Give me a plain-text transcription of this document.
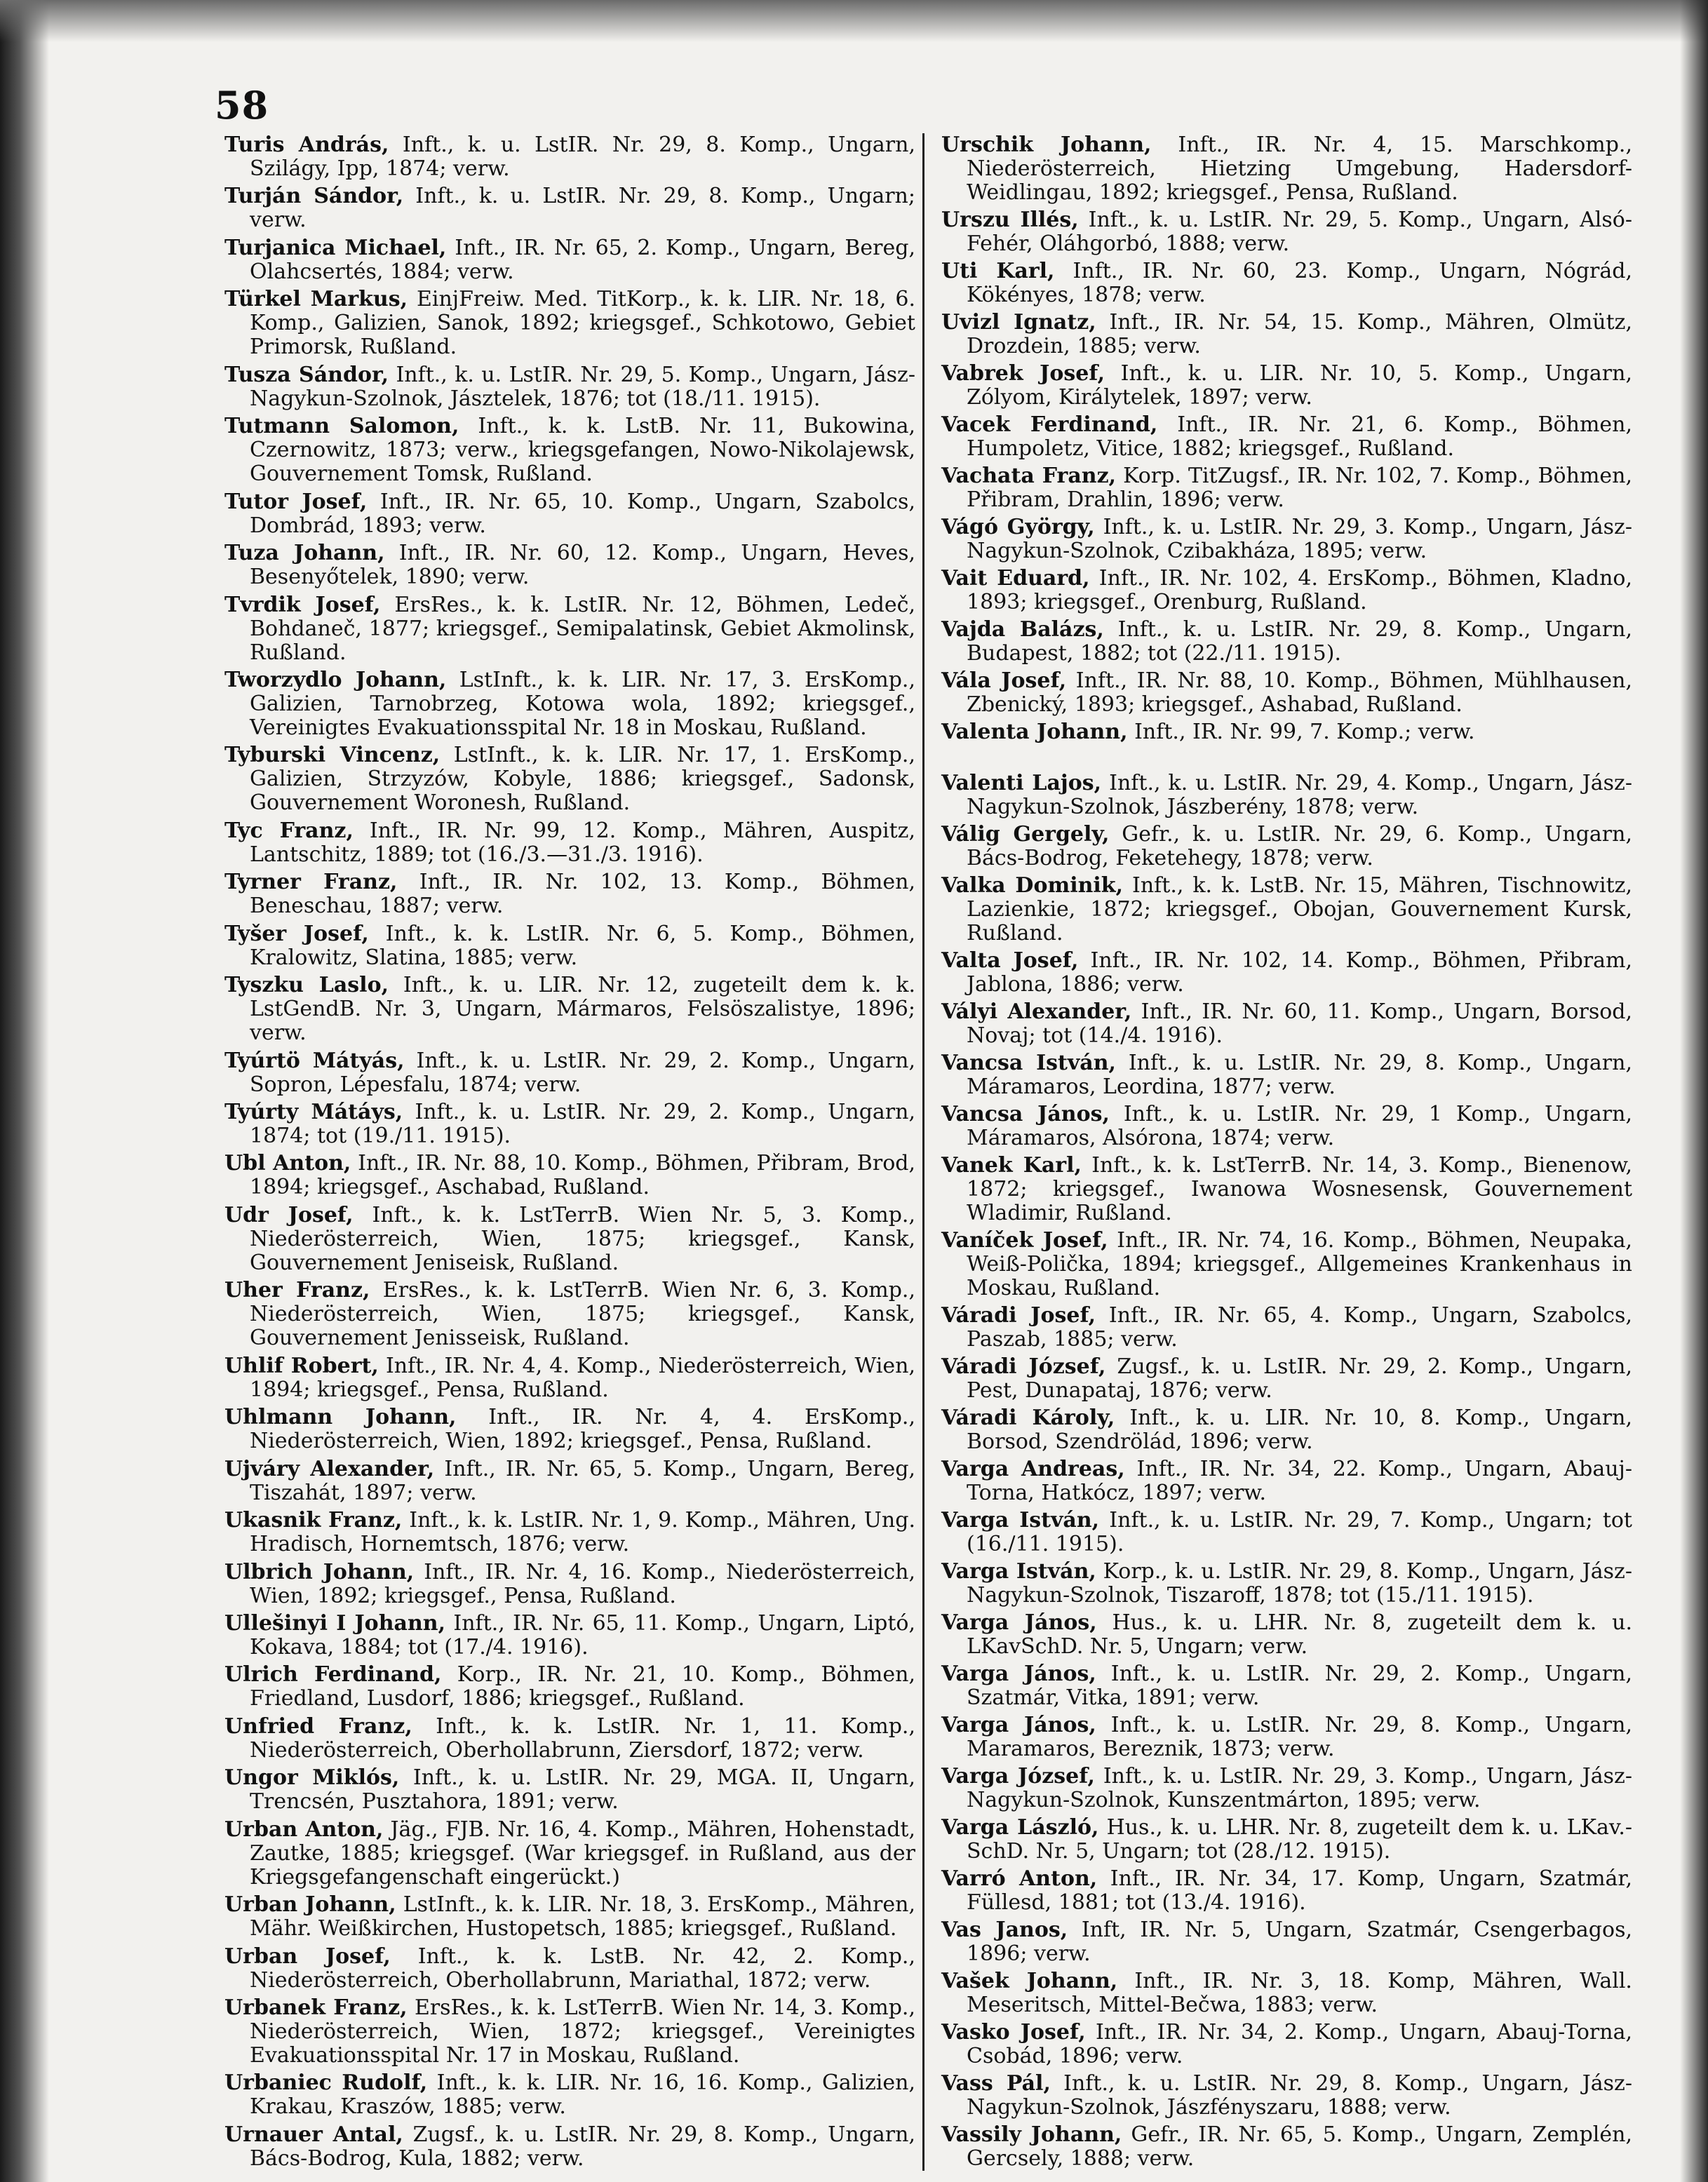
58
Turis András, Inft., k. u. LstIR. Nr. 29, 8. Komp., Ungarn, Szilágy, Ipp, 1874; verw.
Turján Sándor, Inft., k. u. LstIR. Nr. 29, 8. Komp., Ungarn; verw.
Turjanica Michael, Inft., IR. Nr. 65, 2. Komp., Ungarn, Bereg, Olahcsertés, 1884; verw.
Türkel Markus, EinjFreiw. Med. TitKorp., k. k. LIR. Nr. 18, 6. Komp., Galizien, Sanok, 1892; kriegsgef., Schkotowo, Gebiet Primorsk, Rußland.
Tusza Sándor, Inft., k. u. LstIR. Nr. 29, 5. Komp., Ungarn, Jász-Nagykun-Szolnok, Jásztelek, 1876; tot (18./11. 1915).
Tutmann Salomon, Inft., k. k. LstB. Nr. 11, Bukowina, Czernowitz, 1873; verw., kriegsgefangen, Nowo-Nikolajewsk, Gouvernement Tomsk, Rußland.
Tutor Josef, Inft., IR. Nr. 65, 10. Komp., Ungarn, Szabolcs, Dombrád, 1893; verw.
Tuza Johann, Inft., IR. Nr. 60, 12. Komp., Ungarn, Heves, Besenyőtelek, 1890; verw.
Tvrdik Josef, ErsRes., k. k. LstIR. Nr. 12, Böhmen, Ledeč, Bohdaneč, 1877; kriegsgef., Semipalatinsk, Gebiet Akmolinsk, Rußland.
Tworzydlo Johann, LstInft., k. k. LIR. Nr. 17, 3. ErsKomp., Galizien, Tarnobrzeg, Kotowa wola, 1892; kriegsgef., Vereinigtes Evakuationsspital Nr. 18 in Moskau, Rußland.
Tyburski Vincenz, LstInft., k. k. LIR. Nr. 17, 1. ErsKomp., Galizien, Strzyzów, Kobyle, 1886; kriegsgef., Sadonsk, Gouvernement Woronesh, Rußland.
Tyc Franz, Inft., IR. Nr. 99, 12. Komp., Mähren, Auspitz, Lantschitz, 1889; tot (16./3.—31./3. 1916).
Tyrner Franz, Inft., IR. Nr. 102, 13. Komp., Böhmen, Beneschau, 1887; verw.
Tyšer Josef, Inft., k. k. LstIR. Nr. 6, 5. Komp., Böhmen, Kralowitz, Slatina, 1885; verw.
Tyszku Laslo, Inft., k. u. LIR. Nr. 12, zugeteilt dem k. k. LstGendB. Nr. 3, Ungarn, Mármaros, Felsöszalistye, 1896; verw.
Tyúrtö Mátyás, Inft., k. u. LstIR. Nr. 29, 2. Komp., Ungarn, Sopron, Lépesfalu, 1874; verw.
Tyúrty Mátáys, Inft., k. u. LstIR. Nr. 29, 2. Komp., Ungarn, 1874; tot (19./11. 1915).
Ubl Anton, Inft., IR. Nr. 88, 10. Komp., Böhmen, Přibram, Brod, 1894; kriegsgef., Aschabad, Rußland.
Udr Josef, Inft., k. k. LstTerrB. Wien Nr. 5, 3. Komp., Niederösterreich, Wien, 1875; kriegsgef., Kansk, Gouvernement Jeniseisk, Rußland.
Uher Franz, ErsRes., k. k. LstTerrB. Wien Nr. 6, 3. Komp., Niederösterreich, Wien, 1875; kriegsgef., Kansk, Gouvernement Jenisseisk, Rußland.
Uhlif Robert, Inft., IR. Nr. 4, 4. Komp., Niederösterreich, Wien, 1894; kriegsgef., Pensa, Rußland.
Uhlmann Johann, Inft., IR. Nr. 4, 4. ErsKomp., Niederösterreich, Wien, 1892; kriegsgef., Pensa, Rußland.
Ujváry Alexander, Inft., IR. Nr. 65, 5. Komp., Ungarn, Bereg, Tiszahát, 1897; verw.
Ukasnik Franz, Inft., k. k. LstIR. Nr. 1, 9. Komp., Mähren, Ung. Hradisch, Hornemtsch, 1876; verw.
Ulbrich Johann, Inft., IR. Nr. 4, 16. Komp., Niederösterreich, Wien, 1892; kriegsgef., Pensa, Rußland.
Ullešinyi I Johann, Inft., IR. Nr. 65, 11. Komp., Ungarn, Liptó, Kokava, 1884; tot (17./4. 1916).
Ulrich Ferdinand, Korp., IR. Nr. 21, 10. Komp., Böhmen, Friedland, Lusdorf, 1886; kriegsgef., Rußland.
Unfried Franz, Inft., k. k. LstIR. Nr. 1, 11. Komp., Niederösterreich, Oberhollabrunn, Ziersdorf, 1872; verw.
Ungor Miklós, Inft., k. u. LstIR. Nr. 29, MGA. II, Ungarn, Trencsén, Pusztahora, 1891; verw.
Urban Anton, Jäg., FJB. Nr. 16, 4. Komp., Mähren, Hohenstadt, Zautke, 1885; kriegsgef. (War kriegsgef. in Rußland, aus der Kriegsgefangenschaft eingerückt.)
Urban Johann, LstInft., k. k. LIR. Nr. 18, 3. ErsKomp., Mähren, Mähr. Weißkirchen, Hustopetsch, 1885; kriegsgef., Rußland.
Urban Josef, Inft., k. k. LstB. Nr. 42, 2. Komp., Niederösterreich, Oberhollabrunn, Mariathal, 1872; verw.
Urbanek Franz, ErsRes., k. k. LstTerrB. Wien Nr. 14, 3. Komp., Niederösterreich, Wien, 1872; kriegsgef., Vereinigtes Evakuationsspital Nr. 17 in Moskau, Rußland.
Urbaniec Rudolf, Inft., k. k. LIR. Nr. 16, 16. Komp., Galizien, Krakau, Kraszów, 1885; verw.
Urnauer Antal, Zugsf., k. u. LstIR. Nr. 29, 8. Komp., Ungarn, Bács-Bodrog, Kula, 1882; verw.
Urschik Johann, Inft., IR. Nr. 4, 15. Marschkomp., Niederösterreich, Hietzing Umgebung, Hadersdorf-Weidlingau, 1892; kriegsgef., Pensa, Rußland.
Urszu Illés, Inft., k. u. LstIR. Nr. 29, 5. Komp., Ungarn, Alsó-Fehér, Oláhgorbó, 1888; verw.
Uti Karl, Inft., IR. Nr. 60, 23. Komp., Ungarn, Nógrád, Kökényes, 1878; verw.
Uvizl Ignatz, Inft., IR. Nr. 54, 15. Komp., Mähren, Olmütz, Drozdein, 1885; verw.
Vabrek Josef, Inft., k. u. LIR. Nr. 10, 5. Komp., Ungarn, Zólyom, Királytelek, 1897; verw.
Vacek Ferdinand, Inft., IR. Nr. 21, 6. Komp., Böhmen, Humpoletz, Vitice, 1882; kriegsgef., Rußland.
Vachata Franz, Korp. TitZugsf., IR. Nr. 102, 7. Komp., Böhmen, Přibram, Drahlin, 1896; verw.
Vágó György, Inft., k. u. LstIR. Nr. 29, 3. Komp., Ungarn, Jász-Nagykun-Szolnok, Czibakháza, 1895; verw.
Vait Eduard, Inft., IR. Nr. 102, 4. ErsKomp., Böhmen, Kladno, 1893; kriegsgef., Orenburg, Rußland.
Vajda Balázs, Inft., k. u. LstIR. Nr. 29, 8. Komp., Ungarn, Budapest, 1882; tot (22./11. 1915).
Vála Josef, Inft., IR. Nr. 88, 10. Komp., Böhmen, Mühlhausen, Zbenický, 1893; kriegsgef., Ashabad, Rußland.
Valenta Johann, Inft., IR. Nr. 99, 7. Komp.; verw.
Valenti Lajos, Inft., k. u. LstIR. Nr. 29, 4. Komp., Ungarn, Jász-Nagykun-Szolnok, Jászberény, 1878; verw.
Válig Gergely, Gefr., k. u. LstIR. Nr. 29, 6. Komp., Ungarn, Bács-Bodrog, Feketehegy, 1878; verw.
Valka Dominik, Inft., k. k. LstB. Nr. 15, Mähren, Tischnowitz, Lazienkie, 1872; kriegsgef., Obojan, Gouvernement Kursk, Rußland.
Valta Josef, Inft., IR. Nr. 102, 14. Komp., Böhmen, Přibram, Jablona, 1886; verw.
Vályi Alexander, Inft., IR. Nr. 60, 11. Komp., Ungarn, Borsod, Novaj; tot (14./4. 1916).
Vancsa István, Inft., k. u. LstIR. Nr. 29, 8. Komp., Ungarn, Máramaros, Leordina, 1877; verw.
Vancsa János, Inft., k. u. LstIR. Nr. 29, 1 Komp., Ungarn, Máramaros, Alsórona, 1874; verw.
Vanek Karl, Inft., k. k. LstTerrB. Nr. 14, 3. Komp., Bienenow, 1872; kriegsgef., Iwanowa Wosnesensk, Gouvernement Wladimir, Rußland.
Vaníček Josef, Inft., IR. Nr. 74, 16. Komp., Böhmen, Neupaka, Weiß-Polička, 1894; kriegsgef., Allgemeines Krankenhaus in Moskau, Rußland.
Váradi Josef, Inft., IR. Nr. 65, 4. Komp., Ungarn, Szabolcs, Paszab, 1885; verw.
Váradi József, Zugsf., k. u. LstIR. Nr. 29, 2. Komp., Ungarn, Pest, Dunapataj, 1876; verw.
Váradi Károly, Inft., k. u. LIR. Nr. 10, 8. Komp., Ungarn, Borsod, Szendrölád, 1896; verw.
Varga Andreas, Inft., IR. Nr. 34, 22. Komp., Ungarn, Abauj-Torna, Hatkócz, 1897; verw.
Varga István, Inft., k. u. LstIR. Nr. 29, 7. Komp., Ungarn; tot (16./11. 1915).
Varga István, Korp., k. u. LstIR. Nr. 29, 8. Komp., Ungarn, Jász-Nagykun-Szolnok, Tiszaroff, 1878; tot (15./11. 1915).
Varga János, Hus., k. u. LHR. Nr. 8, zugeteilt dem k. u. LKavSchD. Nr. 5, Ungarn; verw.
Varga János, Inft., k. u. LstIR. Nr. 29, 2. Komp., Ungarn, Szatmár, Vitka, 1891; verw.
Varga János, Inft., k. u. LstIR. Nr. 29, 8. Komp., Ungarn, Maramaros, Bereznik, 1873; verw.
Varga József, Inft., k. u. LstIR. Nr. 29, 3. Komp., Ungarn, Jász-Nagykun-Szolnok, Kunszentmárton, 1895; verw.
Varga László, Hus., k. u. LHR. Nr. 8, zugeteilt dem k. u. LKav.-SchD. Nr. 5, Ungarn; tot (28./12. 1915).
Varró Anton, Inft., IR. Nr. 34, 17. Komp, Ungarn, Szatmár, Füllesd, 1881; tot (13./4. 1916).
Vas Janos, Inft, IR. Nr. 5, Ungarn, Szatmár, Csengerbagos, 1896; verw.
Vašek Johann, Inft., IR. Nr. 3, 18. Komp, Mähren, Wall. Meseritsch, Mittel-Bečwa, 1883; verw.
Vasko Josef, Inft., IR. Nr. 34, 2. Komp., Ungarn, Abauj-Torna, Csobád, 1896; verw.
Vass Pál, Inft., k. u. LstIR. Nr. 29, 8. Komp., Ungarn, Jász-Nagykun-Szolnok, Jászfényszaru, 1888; verw.
Vassily Johann, Gefr., IR. Nr. 65, 5. Komp., Ungarn, Zemplén, Gercsely, 1888; verw.
